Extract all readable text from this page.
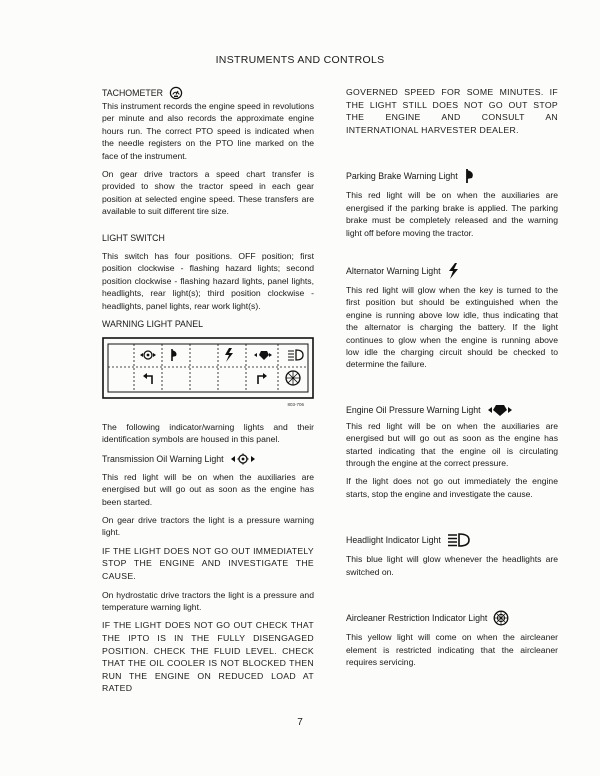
INSTRUMENTS AND CONTROLS

TACHOMETER

This instrument records the engine speed in revolutions per minute and also records the approximate engine hours run. The correct PTO speed is indicated when the needle registers on the PTO line marked on the face of the instrument.

On gear drive tractors a speed chart transfer is provided to show the tractor speed in each gear position at selected engine speed. These transfers are available to suit different tire size.

LIGHT SWITCH

This switch has four positions. OFF position; first position clockwise - flashing hazard lights; second position clockwise - flashing hazard lights, panel lights, headlights, rear light(s); third position clockwise - headlights, panel lights, rear work light(s).

WARNING LIGHT PANEL

803-706

The following indicator/warning lights and their identification symbols are housed in this panel.

Transmission Oil Warning Light

This red light will be on when the auxiliaries are energised but will go out as soon as the engine has been started.

On gear drive tractors the light is a pressure warning light.

IF THE LIGHT DOES NOT GO OUT IMMEDIATELY STOP THE ENGINE AND INVESTIGATE THE CAUSE.

On hydrostatic drive tractors the light is a pressure and temperature warning light.

IF THE LIGHT DOES NOT GO OUT CHECK THAT THE IPTO IS IN THE FULLY DISENGAGED POSITION. CHECK THE FLUID LEVEL. CHECK THAT THE OIL COOLER IS NOT BLOCKED THEN RUN THE ENGINE ON REDUCED LOAD AT RATED

GOVERNED SPEED FOR SOME MINUTES. IF THE LIGHT STILL DOES NOT GO OUT STOP THE ENGINE AND CONSULT AN INTERNATIONAL HARVESTER DEALER.

Parking Brake Warning Light

This red light will be on when the auxiliaries are energised if the parking brake is applied. The parking brake must be completely released and the warning light off before moving the tractor.

Alternator Warning Light

This red light will glow when the key is turned to the first position but should be extinguished when the engine is running above low idle, thus indicating that the alternator is charging the battery. If the light continues to glow when the engine is running above low idle the charging circuit should be checked to determine the failure.

Engine Oil Pressure Warning Light

This red light will be on when the auxiliaries are energised but will go out as soon as the engine has started indicating that the engine oil is circulating through the engine at the correct pressure.

If the light does not go out immediately the engine starts, stop the engine and investigate the cause.

Headlight Indicator Light

This blue light will glow whenever the headlights are switched on.

Aircleaner Restriction Indicator Light

This yellow light will come on when the aircleaner element is restricted indicating that the aircleaner requires servicing.

7
